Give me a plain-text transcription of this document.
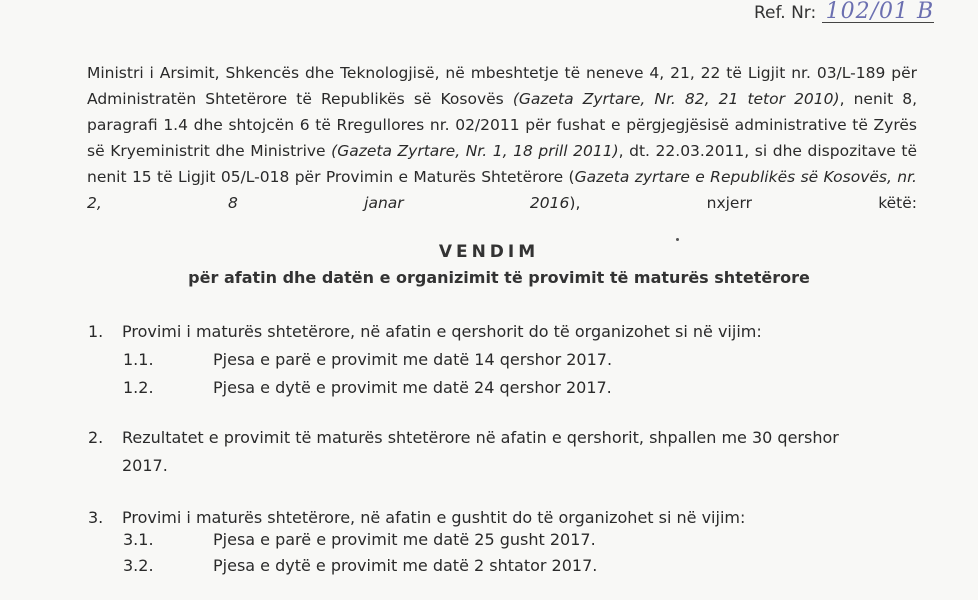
Ref. Nr: 102/01 B
Ministri i Arsimit, Shkencës dhe Teknologjisë, në mbeshtetje të neneve 4, 21, 22 të Ligjit nr. 03/L-189 për Administratën Shtetërore të Republikës së Kosovës (Gazeta Zyrtare, Nr. 82, 21 tetor 2010), nenit 8, paragrafi 1.4 dhe shtojcën 6 të Rregullores nr. 02/2011 për fushat e përgjegjësisë administrative të Zyrës së Kryeministrit dhe Ministrive (Gazeta Zyrtare, Nr. 1, 18 prill 2011), dt. 22.03.2011, si dhe dispozitave të nenit 15 të Ligjit 05/L-018 për Provimin e Maturës Shtetërore (Gazeta zyrtare e Republikës së Kosovës, nr. 2, 8 janar 2016), nxjerr këtë:
VENDIM
për afatin dhe datën e organizimit të provimit të maturës shtetërore
1. Provimi i maturës shtetërore, në afatin e qershorit do të organizohet si në vijim:
1.1.	Pjesa e parë e provimit me datë 14 qershor 2017.
1.2.	Pjesa e dytë e provimit me datë 24 qershor 2017.
2. Rezultatet e provimit të maturës shtetërore në afatin e qershorit, shpallen me 30 qershor
2017.
3. Provimi i maturës shtetërore, në afatin e gushtit do të organizohet si në vijim:
3.1.	Pjesa e parë e provimit me datë 25 gusht 2017.
3.2.	Pjesa e dytë e provimit me datë 2 shtator 2017.
